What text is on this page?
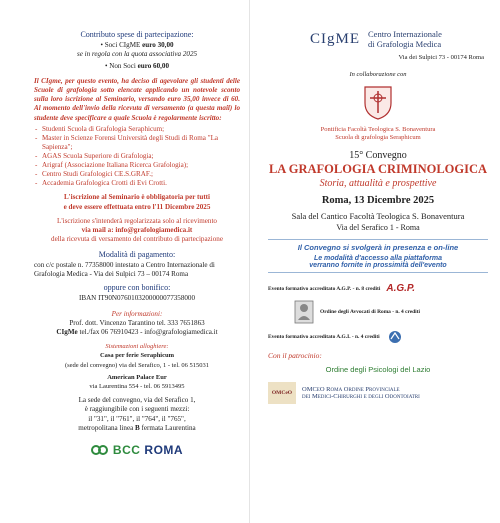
Contributo spese di partecipazione:
• Soci CIgME euro 30,00
se in regola con la quota associativa 2025
• Non Soci euro 60,00
Il CIgme, per questo evento, ha deciso di agevolare gli studenti delle Scuole di grafologia sotto elencate applicando un notevole sconto sulla loro iscrizione al Seminario, versando euro 35,00 invece di 60. Al momento dell'invio della ricevuta di versamento (a questa mail) lo studente deve specificare a quale Scuola è regolarmente iscritto:
- Studenti Scuola di Grafologia Seraphicum;
- Master in Scienze Forensi Università degli Studi di Roma "La Sapienza";
- AGAS Scuola Superiore di Grafologia;
- Arigraf (Associazione Italiana Ricerca Grafologia);
- Centro Studi Grafologici CE.S.GRAF.;
- Accademia Grafologica Crotti di Evi Crotti.
L'iscrizione al Seminario è obbligatoria per tutti
e deve essere effettuata entro l'11 Dicembre 2025
L'iscrizione s'intenderà regolarizzata solo al ricevimento
via mail a: info@grafologiamedica.it
della ricevuta di versamento del contributo di partecipazione
Modalità di pagamento:
con c/c postale n. 77358000 intestato a Centro Internazionale di Grafologia Medica - Via dei Sulpici 73 – 00174 Roma
oppure con bonifico:
IBAN IT90N0760103200000077358000
Per informazioni:
Prof. dott. Vincenzo Tarantino tel. 333 7651863
CIgMe tel./fax 06 76910423 - info@grafologiamedica.it
Sistemazioni alloghiere:
Casa per ferie Seraphicum
(sede del convegno) via del Serafico, 1 - tel. 06 515031
American Palace Eur
via Laurentina 554 - tel. 06 5913495
La sede del convegno, via del Serafico 1,
è raggiungibile con i seguenti mezzi:
il "31", il "761", il "764", il "765",
metropolitana linea B fermata Laurentina
BCC ROMA
CIgME Centro Internazionale
di Grafologia Medica
Via dei Sulpici 73 - 00174 Roma
In collaborazione con
Pontificia Facoltà Teologica S. Bonaventura
Scuola di grafologia Seraphicum
15° Convegno
LA GRAFOLOGIA CRIMINOLOGICA
Storia, attualità e prospettive
Roma, 13 Dicembre 2025
Sala del Cantico Facoltà Teologica S. Bonaventura
Via del Serafico 1 - Roma
Il Convegno si svolgerà in presenza e on-line
Le modalità d'accesso alla piattaforma
verranno fornite in prossimità dell'evento
Evento formativo accreditato A.G.P. - n. 8 crediti A.G.P.
Ordine degli Avvocati di Roma - n. 4 crediti
Evento formativo accreditato A.G.I. - n. 4 crediti
Con il patrocinio:
Ordine degli Psicologi del Lazio
OMCeO OMCeO Roma Ordine Provinciale
dei Medici-Chirurghi e degli Odontoiatri
